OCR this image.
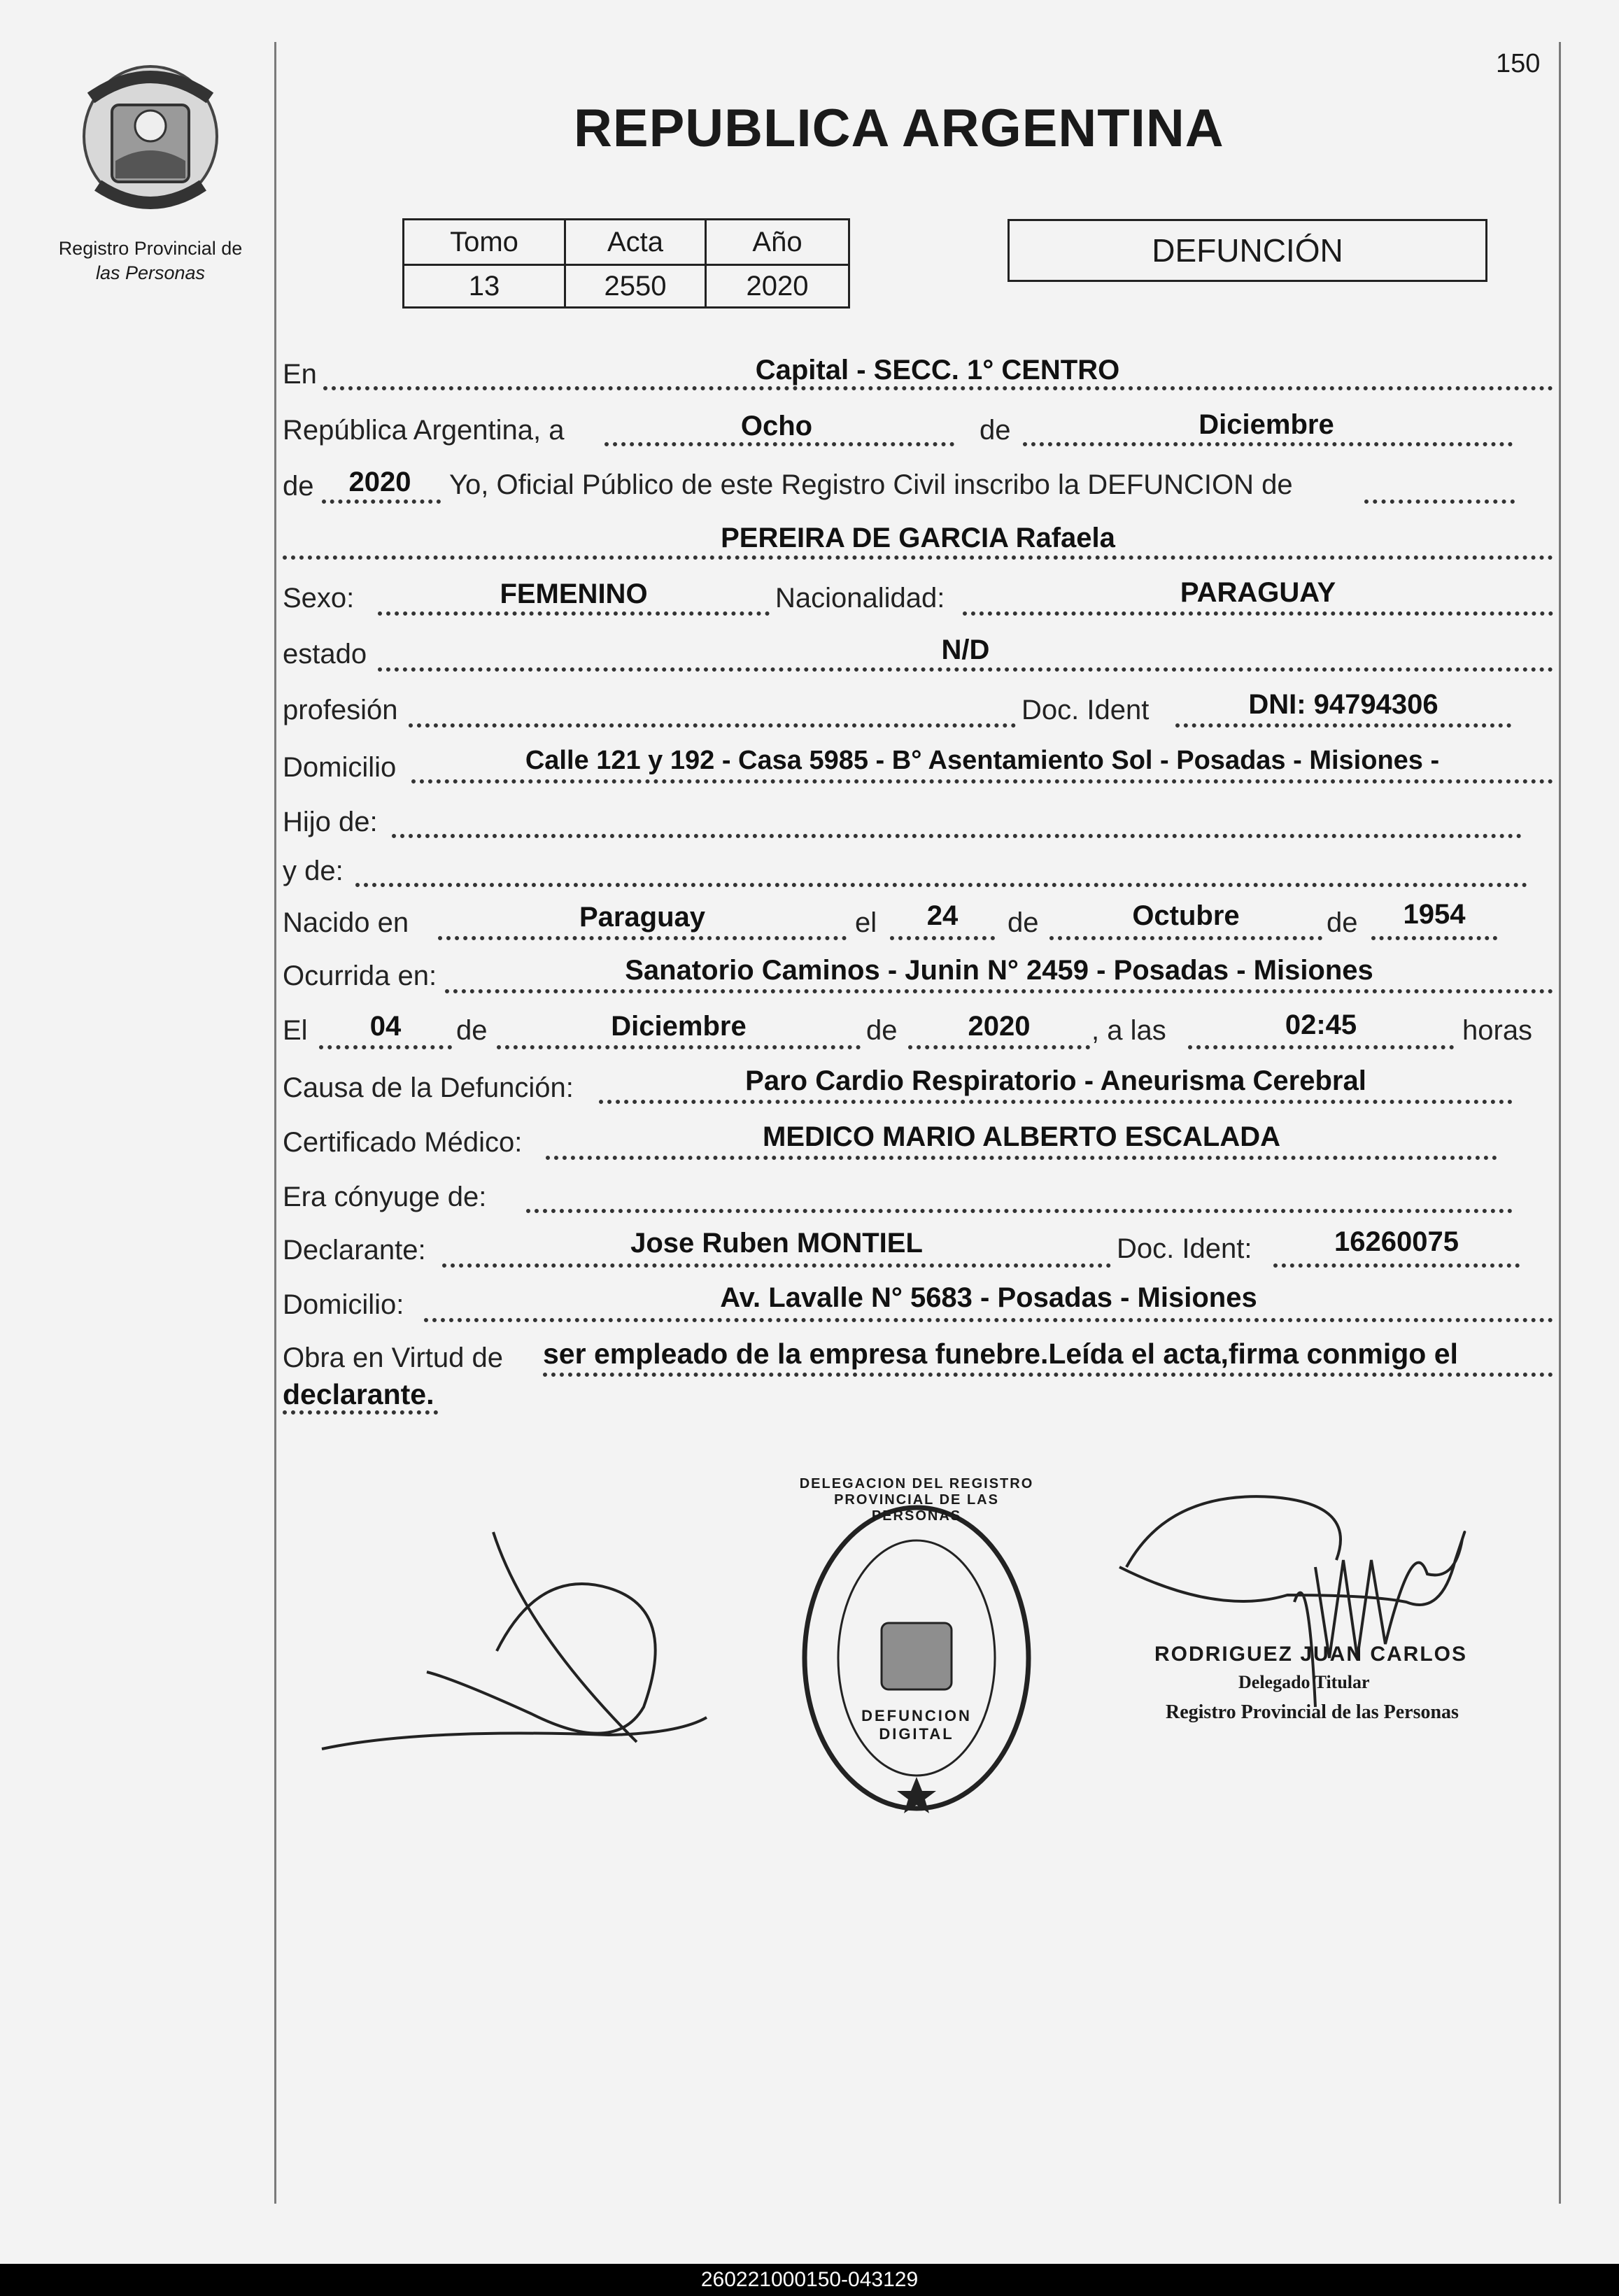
150
Registro Provincial de
las Personas
REPUBLICA ARGENTINA
Tomo	Acta	Año
13	2550	2020
DEFUNCIÓN
En	Capital - SECC. 1° CENTRO
República Argentina, a	Ocho	de	Diciembre
de	2020	Yo, Oficial Público de este Registro Civil inscribo la DEFUNCION de
PEREIRA DE GARCIA Rafaela
Sexo:	FEMENINO	Nacionalidad:	PARAGUAY
estado	N/D
profesión	Doc. Ident	DNI: 94794306
Domicilio	Calle 121 y 192 - Casa 5985 - B° Asentamiento Sol - Posadas - Misiones -
Hijo de:
y de:
Nacido en	Paraguay	el	24	de	Octubre	de	1954
Ocurrida en:	Sanatorio Caminos - Junin N° 2459 - Posadas - Misiones
El	04	de	Diciembre	de	2020	, a las	02:45	horas
Causa de la Defunción:	Paro Cardio Respiratorio - Aneurisma Cerebral
Certificado Médico:	MEDICO MARIO ALBERTO ESCALADA
Era cónyuge de:
Declarante:	Jose Ruben MONTIEL	Doc. Ident:	16260075
Domicilio:	Av. Lavalle N° 5683 - Posadas - Misiones
Obra en Virtud de ser empleado de la empresa funebre.Leída el acta,firma conmigo el
declarante.
DELEGACION DEL REGISTRO PROVINCIAL DE LAS PERSONAS
DEFUNCION DIGITAL
RODRIGUEZ JUAN CARLOS
Delegado Titular
Registro Provincial de las Personas
260221000150-043129
